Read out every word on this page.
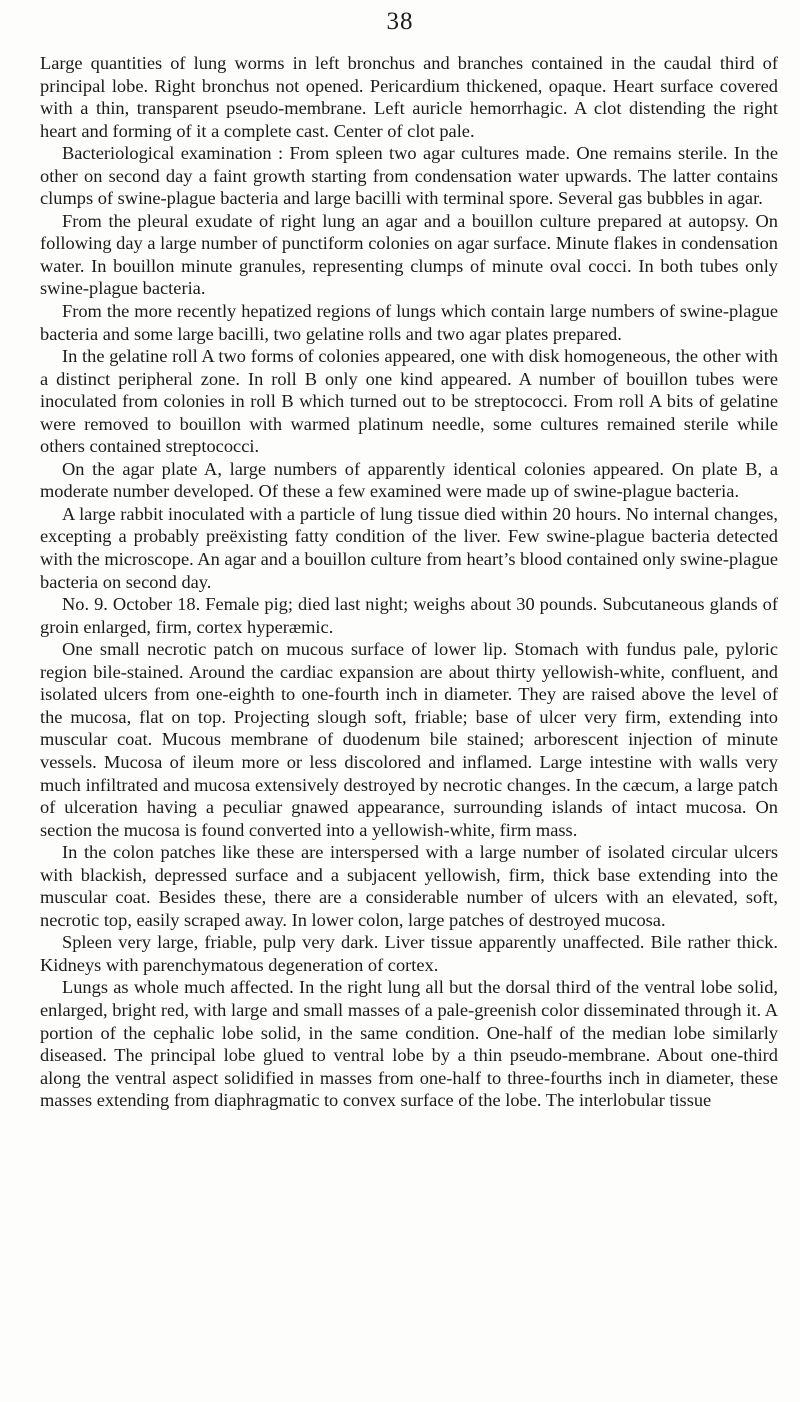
38

Large quantities of lung worms in left bronchus and branches contained in the caudal third of principal lobe. Right bronchus not opened. Pericardium thickened, opaque. Heart surface covered with a thin, transparent pseudo-membrane. Left auricle hemorrhagic. A clot distending the right heart and forming of it a complete cast. Center of clot pale.

Bacteriological examination : From spleen two agar cultures made. One remains sterile. In the other on second day a faint growth starting from condensation water upwards. The latter contains clumps of swine-plague bacteria and large bacilli with terminal spore. Several gas bubbles in agar.

From the pleural exudate of right lung an agar and a bouillon culture prepared at autopsy. On following day a large number of punctiform colonies on agar surface. Minute flakes in condensation water. In bouillon minute granules, representing clumps of minute oval cocci. In both tubes only swine-plague bacteria.

From the more recently hepatized regions of lungs which contain large numbers of swine-plague bacteria and some large bacilli, two gelatine rolls and two agar plates prepared.

In the gelatine roll A two forms of colonies appeared, one with disk homogeneous, the other with a distinct peripheral zone. In roll B only one kind appeared. A number of bouillon tubes were inoculated from colonies in roll B which turned out to be streptococci. From roll A bits of gelatine were removed to bouillon with warmed platinum needle, some cultures remained sterile while others contained streptococci.

On the agar plate A, large numbers of apparently identical colonies appeared. On plate B, a moderate number developed. Of these a few examined were made up of swine-plague bacteria.

A large rabbit inoculated with a particle of lung tissue died within 20 hours. No internal changes, excepting a probably preëxisting fatty condition of the liver. Few swine-plague bacteria detected with the microscope. An agar and a bouillon culture from heart’s blood contained only swine-plague bacteria on second day.

No. 9. October 18. Female pig; died last night; weighs about 30 pounds. Subcutaneous glands of groin enlarged, firm, cortex hyperæmic.

One small necrotic patch on mucous surface of lower lip. Stomach with fundus pale, pyloric region bile-stained. Around the cardiac expansion are about thirty yellowish-white, confluent, and isolated ulcers from one-eighth to one-fourth inch in diameter. They are raised above the level of the mucosa, flat on top. Projecting slough soft, friable; base of ulcer very firm, extending into muscular coat. Mucous membrane of duodenum bile stained; arborescent injection of minute vessels. Mucosa of ileum more or less discolored and inflamed. Large intestine with walls very much infiltrated and mucosa extensively destroyed by necrotic changes. In the cæcum, a large patch of ulceration having a peculiar gnawed appearance, surrounding islands of intact mucosa. On section the mucosa is found converted into a yellowish-white, firm mass.

In the colon patches like these are interspersed with a large number of isolated circular ulcers with blackish, depressed surface and a subjacent yellowish, firm, thick base extending into the muscular coat. Besides these, there are a considerable number of ulcers with an elevated, soft, necrotic top, easily scraped away. In lower colon, large patches of destroyed mucosa.

Spleen very large, friable, pulp very dark. Liver tissue apparently unaffected. Bile rather thick. Kidneys with parenchymatous degeneration of cortex.

Lungs as whole much affected. In the right lung all but the dorsal third of the ventral lobe solid, enlarged, bright red, with large and small masses of a pale-greenish color disseminated through it. A portion of the cephalic lobe solid, in the same condition. One-half of the median lobe similarly diseased. The principal lobe glued to ventral lobe by a thin pseudo-membrane. About one-third along the ventral aspect solidified in masses from one-half to three-fourths inch in diameter, these masses extending from diaphragmatic to convex surface of the lobe. The interlobular tissue
